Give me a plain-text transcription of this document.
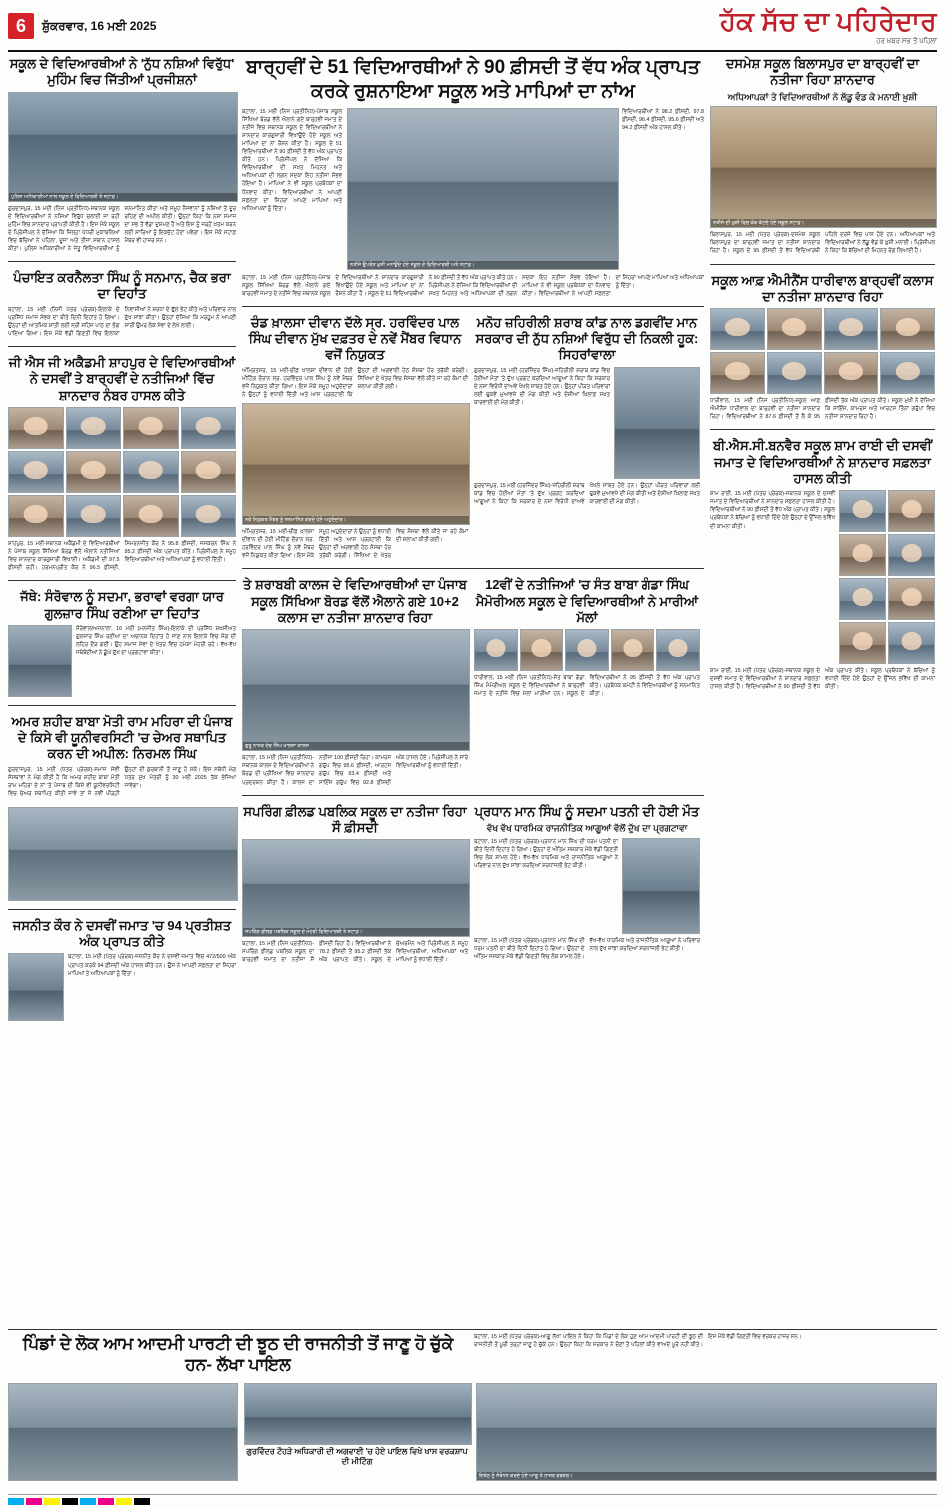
6	ਸ਼ੁੱਕਰਵਾਰ, 16 ਮਈ 2025	ਹੱਕ ਸੱਚ ਦਾ ਪਹਿਰੇਦਾਰ
ਹਰ ਖ਼ਬਰ ਸਭ ਤੋਂ ਪਹਿਲਾਂ
ਸਕੂਲ ਦੇ ਵਿਦਿਆਰਥੀਆਂ ਨੇ 'ਨੁੱਧ ਨਸ਼ਿਆਂ ਵਿਰੁੱਧ' ਮੁਹਿੰਮ ਵਿਚ ਜਿੱਤੀਆਂ ਪ੍ਰਜੀਸ਼ਨਾਂ
ਪੁਲਿਸ ਅਧਿਕਾਰੀਆਂ ਨਾਲ ਸਕੂਲ ਦੇ ਵਿਦਿਆਰਥੀ ਤੇ ਸਟਾਫ਼।
ਗੁਰਦਾਸਪੁਰ, 15 ਮਈ (ਨਿਜ ਪ੍ਰਤੀਨਿਧ)-ਸਥਾਨਕ ਸਕੂਲ ਦੇ ਵਿਦਿਆਰਥੀਆਂ ਨੇ ਨਸ਼ਿਆਂ ਵਿਰੁੱਧ ਚਲਾਈ ਜਾ ਰਹੀ ਮੁਹਿੰਮ ਵਿਚ ਸ਼ਾਨਦਾਰ ਪ੍ਰਾਪਤੀ ਕੀਤੀ ਹੈ। ਇਸ ਮੌਕੇ ਸਕੂਲ ਦੇ ਪ੍ਰਿੰਸੀਪਲ ਨੇ ਦੱਸਿਆ ਕਿ ਜ਼ਿਲ੍ਹਾ ਪੱਧਰੀ ਮੁਕਾਬਲਿਆਂ ਵਿਚ ਬੱਚਿਆਂ ਨੇ ਪਹਿਲਾ, ਦੂਜਾ ਅਤੇ ਤੀਜਾ ਸਥਾਨ ਹਾਸਲ ਕੀਤਾ। ਪੁਲਿਸ ਅਧਿਕਾਰੀਆਂ ਨੇ ਜੇਤੂ ਵਿਦਿਆਰਥੀਆਂ ਨੂੰ ਸਨਮਾਨਿਤ ਕੀਤਾ ਅਤੇ ਸਮੂਹ ਨੌਜਵਾਨਾਂ ਨੂੰ ਨਸ਼ਿਆਂ ਤੋਂ ਦੂਰ ਰਹਿਣ ਦੀ ਅਪੀਲ ਕੀਤੀ। ਉਨ੍ਹਾਂ ਕਿਹਾ ਕਿ ਨਸ਼ਾ ਸਮਾਜ ਦਾ ਸਭ ਤੋਂ ਵੱਡਾ ਦੁਸ਼ਮਣ ਹੈ ਅਤੇ ਇਸ ਨੂੰ ਜੜ੍ਹੋਂ ਖ਼ਤਮ ਕਰਨ ਲਈ ਸਾਰਿਆਂ ਨੂੰ ਇਕਜੁੱਟ ਹੋਣਾ ਪਵੇਗਾ। ਇਸ ਮੌਕੇ ਸਟਾਫ਼ ਮੈਂਬਰ ਵੀ ਹਾਜ਼ਰ ਸਨ।
ਪੰਚਾਇਤ ਕਰਨੈਲਤਾ ਸਿੰਘ ਨੂੰ ਸਨਮਾਨ, ਚੈਕ ਭਰਾ ਦਾ ਦਿਹਾਂਤ
ਬਟਾਲਾ, 15 ਮਈ (ਨਿਜੀ ਪੱਤਰ ਪ੍ਰੇਰਕ)-ਇਲਾਕੇ ਦੇ ਪ੍ਰਸਿੱਧ ਸਮਾਜ ਸੇਵਕ ਦਾ ਬੀਤੇ ਦਿਨੀਂ ਦਿਹਾਂਤ ਹੋ ਗਿਆ। ਉਨ੍ਹਾਂ ਦੀ ਆਤਮਿਕ ਸ਼ਾਂਤੀ ਲਈ ਸ੍ਰੀ ਸਹਿਜ ਪਾਠ ਦਾ ਭੋਗ ਪਾਇਆ ਗਿਆ। ਇਸ ਮੌਕੇ ਵੱਡੀ ਗਿਣਤੀ ਵਿਚ ਇਲਾਕਾ ਨਿਵਾਸੀਆਂ ਨੇ ਸ਼ਰਧਾ ਦੇ ਫੁੱਲ ਭੇਟ ਕੀਤੇ ਅਤੇ ਪਰਿਵਾਰ ਨਾਲ ਦੁੱਖ ਸਾਂਝਾ ਕੀਤਾ। ਉਨ੍ਹਾਂ ਦੱਸਿਆ ਕਿ ਮਰਹੂਮ ਨੇ ਆਪਣੀ ਸਾਰੀ ਉਮਰ ਲੋਕ ਸੇਵਾ ਦੇ ਲੇਖੇ ਲਾਈ।
ਜੀ ਐਸ ਜੀ ਅਕੈਡਮੀ ਸ਼ਾਹਪੁਰ ਦੇ ਵਿਦਿਆਰਥੀਆਂ ਨੇ ਦਸਵੀਂ ਤੇ ਬਾਰ੍ਹਵੀਂ ਦੇ ਨਤੀਜਿਆਂ ਵਿੱਚ ਸ਼ਾਨਦਾਰ ਨੰਬਰ ਹਾਸਲ ਕੀਤੇ
ਸ਼ਾਹਪੁਰ, 15 ਮਈ-ਸਥਾਨਕ ਅਕੈਡਮੀ ਦੇ ਵਿਦਿਆਰਥੀਆਂ ਨੇ ਪੰਜਾਬ ਸਕੂਲ ਸਿੱਖਿਆ ਬੋਰਡ ਵੱਲੋਂ ਐਲਾਨੇ ਨਤੀਜਿਆਂ ਵਿਚ ਸ਼ਾਨਦਾਰ ਕਾਰਗੁਜ਼ਾਰੀ ਵਿਖਾਈ। ਅਕੈਡਮੀ ਦੀ 97.5 ਫ਼ੀਸਦੀ ਰਹੀ। ਹਰਮਨਪ੍ਰੀਤ ਕੌਰ ਨੇ 96.5 ਫ਼ੀਸਦੀ, ਸਿਮਰਨਜੀਤ ਕੌਰ ਨੇ 95.8 ਫ਼ੀਸਦੀ, ਜਸਕਰਨ ਸਿੰਘ ਨੇ 95.2 ਫ਼ੀਸਦੀ ਅੰਕ ਪ੍ਰਾਪਤ ਕੀਤੇ। ਪ੍ਰਿੰਸੀਪਲ ਨੇ ਸਮੂਹ ਵਿਦਿਆਰਥੀਆਂ ਅਤੇ ਅਧਿਆਪਕਾਂ ਨੂੰ ਵਧਾਈ ਦਿੱਤੀ।
ਜੱਥੇ: ਸੰਰੋਵਾਲ ਨੂੰ ਸਦਮਾ, ਭਰਾਵਾਂ ਵਰਗਾ ਯਾਰ ਗੁਲਜ਼ਾਰ ਸਿੰਘ ਰਣੀਆ ਦਾ ਦਿਹਾਂਤ
ਸੰਰੋਵਾਲ/ਅਜਨਾਲਾ, 16 ਮਈ (ਮਨਜੀਤ ਸਿੰਘ)-ਇਲਾਕੇ ਦੀ ਪ੍ਰਸਿੱਧ ਸ਼ਖ਼ਸੀਅਤ ਗੁਲਜ਼ਾਰ ਸਿੰਘ ਰਣੀਆ ਦਾ ਅਚਾਨਕ ਦਿਹਾਂਤ ਹੋ ਜਾਣ ਨਾਲ ਇਲਾਕੇ ਵਿਚ ਸੋਗ ਦੀ ਲਹਿਰ ਦੌੜ ਗਈ। ਉਹ ਸਮਾਜ ਸੇਵਾ ਦੇ ਖੇਤਰ ਵਿਚ ਹਮੇਸ਼ਾ ਮੋਹਰੀ ਰਹੇ। ਵੱਖ-ਵੱਖ ਜਥੇਬੰਦੀਆਂ ਨੇ ਡੂੰਘੇ ਦੁੱਖ ਦਾ ਪ੍ਰਗਟਾਵਾ ਕੀਤਾ।
ਅਮਰ ਸ਼ਹੀਦ ਬਾਬਾ ਮੋਤੀ ਰਾਮ ਮਹਿਰਾ ਦੀ ਪੰਜਾਬ ਦੇ ਕਿਸੇ ਵੀ ਯੂਨੀਵਰਸਿਟੀ 'ਚ ਚੇਅਰ ਸਥਾਪਿਤ ਕਰਨ ਦੀ ਅਪੀਲ: ਨਿਰਮਲ ਸਿੰਘ
ਗੁਰਦਾਸਪੁਰ, 15 ਮਈ (ਪੱਤਰ ਪ੍ਰੇਰਕ)-ਸਮਾਜ ਸੇਵੀ ਸੰਸਥਾਵਾਂ ਨੇ ਮੰਗ ਕੀਤੀ ਹੈ ਕਿ ਅਮਰ ਸ਼ਹੀਦ ਬਾਬਾ ਮੋਤੀ ਰਾਮ ਮਹਿਰਾ ਦੇ ਨਾਂ 'ਤੇ ਪੰਜਾਬ ਦੀ ਕਿਸੇ ਵੀ ਯੂਨੀਵਰਸਿਟੀ ਵਿਚ ਚੇਅਰ ਸਥਾਪਿਤ ਕੀਤੀ ਜਾਵੇ ਤਾਂ ਜੋ ਨਵੀਂ ਪੀੜ੍ਹੀ ਉਨ੍ਹਾਂ ਦੀ ਕੁਰਬਾਨੀ ਤੋਂ ਜਾਣੂ ਹੋ ਸਕੇ। ਇਸ ਸਬੰਧੀ ਮੰਗ ਪੱਤਰ ਮੁੱਖ ਮੰਤਰੀ ਨੂੰ 30 ਮਈ 2025 ਤੱਕ ਭੇਜਿਆ ਜਾਵੇਗਾ।
ਜਸਨੀਤ ਕੌਰ ਨੇ ਦਸਵੀਂ ਜਮਾਤ 'ਚ 94 ਪ੍ਰਤੀਸ਼ਤ ਅੰਕ ਪ੍ਰਾਪਤ ਕੀਤੇ
ਬਟਾਲਾ, 15 ਮਈ (ਪੱਤਰ ਪ੍ਰੇਰਕ)-ਜਸਨੀਤ ਕੌਰ ਨੇ ਦਸਵੀਂ ਜਮਾਤ ਵਿਚ 472/500 ਅੰਕ ਪ੍ਰਾਪਤ ਕਰਕੇ 94 ਫ਼ੀਸਦੀ ਅੰਕ ਹਾਸਲ ਕੀਤੇ ਹਨ। ਉਸ ਨੇ ਆਪਣੀ ਸਫ਼ਲਤਾ ਦਾ ਸਿਹਰਾ ਮਾਪਿਆਂ ਤੇ ਅਧਿਆਪਕਾਂ ਨੂੰ ਦਿੱਤਾ।
ਬਾਰ੍ਹਵੀਂ ਦੇ 51 ਵਿਦਿਆਰਥੀਆਂ ਨੇ 90 ਫ਼ੀਸਦੀ ਤੋਂ ਵੱਧ ਅੰਕ ਪ੍ਰਾਪਤ ਕਰਕੇ ਰੁਸ਼ਨਾਇਆ ਸਕੂਲ ਅਤੇ ਮਾਪਿਆਂ ਦਾ ਨਾਂਅ
ਬਟਾਲਾ, 15 ਮਈ (ਨਿਜ ਪ੍ਰਤੀਨਿਧ)-ਪੰਜਾਬ ਸਕੂਲ ਸਿੱਖਿਆ ਬੋਰਡ ਵੱਲੋਂ ਐਲਾਨੇ ਗਏ ਬਾਰ੍ਹਵੀਂ ਜਮਾਤ ਦੇ ਨਤੀਜੇ ਵਿਚ ਸਥਾਨਕ ਸਕੂਲ ਦੇ ਵਿਦਿਆਰਥੀਆਂ ਨੇ ਸ਼ਾਨਦਾਰ ਕਾਰਗੁਜ਼ਾਰੀ ਵਿਖਾਉਂਦੇ ਹੋਏ ਸਕੂਲ ਅਤੇ ਮਾਪਿਆਂ ਦਾ ਨਾਂ ਰੌਸ਼ਨ ਕੀਤਾ ਹੈ। ਸਕੂਲ ਦੇ 51 ਵਿਦਿਆਰਥੀਆਂ ਨੇ 90 ਫ਼ੀਸਦੀ ਤੋਂ ਵੱਧ ਅੰਕ ਪ੍ਰਾਪਤ ਕੀਤੇ ਹਨ। ਪ੍ਰਿੰਸੀਪਲ ਨੇ ਦੱਸਿਆ ਕਿ ਵਿਦਿਆਰਥੀਆਂ ਦੀ ਸਖ਼ਤ ਮਿਹਨਤ ਅਤੇ ਅਧਿਆਪਕਾਂ ਦੀ ਲਗਨ ਸਦਕਾ ਇਹ ਨਤੀਜਾ ਸੰਭਵ ਹੋਇਆ ਹੈ। ਮਾਪਿਆਂ ਨੇ ਵੀ ਸਕੂਲ ਪ੍ਰਬੰਧਕਾਂ ਦਾ ਧੰਨਵਾਦ ਕੀਤਾ। ਵਿਦਿਆਰਥੀਆਂ ਨੇ ਆਪਣੀ ਸਫ਼ਲਤਾ ਦਾ ਸਿਹਰਾ ਆਪਣੇ ਮਾਪਿਆਂ ਅਤੇ ਅਧਿਆਪਕਾਂ ਨੂੰ ਦਿੱਤਾ।
ਨਤੀਜੇ ਉਪਰੰਤ ਖ਼ੁਸ਼ੀ ਮਨਾਉਂਦੇ ਹੋਏ ਸਕੂਲ ਦੇ ਵਿਦਿਆਰਥੀ ਅਤੇ ਸਟਾਫ਼।
ਵਿਦਿਆਰਥੀਆਂ ਨੇ 98.2 ਫ਼ੀਸਦੀ, 97.8 ਫ਼ੀਸਦੀ, 96.4 ਫ਼ੀਸਦੀ, 95.6 ਫ਼ੀਸਦੀ ਅਤੇ 94.2 ਫ਼ੀਸਦੀ ਅੰਕ ਹਾਸਲ ਕੀਤੇ।
ਬਟਾਲਾ, 15 ਮਈ (ਨਿਜ ਪ੍ਰਤੀਨਿਧ)-ਪੰਜਾਬ ਸਕੂਲ ਸਿੱਖਿਆ ਬੋਰਡ ਵੱਲੋਂ ਐਲਾਨੇ ਗਏ ਬਾਰ੍ਹਵੀਂ ਜਮਾਤ ਦੇ ਨਤੀਜੇ ਵਿਚ ਸਥਾਨਕ ਸਕੂਲ ਦੇ ਵਿਦਿਆਰਥੀਆਂ ਨੇ ਸ਼ਾਨਦਾਰ ਕਾਰਗੁਜ਼ਾਰੀ ਵਿਖਾਉਂਦੇ ਹੋਏ ਸਕੂਲ ਅਤੇ ਮਾਪਿਆਂ ਦਾ ਨਾਂ ਰੌਸ਼ਨ ਕੀਤਾ ਹੈ। ਸਕੂਲ ਦੇ 51 ਵਿਦਿਆਰਥੀਆਂ ਨੇ 90 ਫ਼ੀਸਦੀ ਤੋਂ ਵੱਧ ਅੰਕ ਪ੍ਰਾਪਤ ਕੀਤੇ ਹਨ। ਪ੍ਰਿੰਸੀਪਲ ਨੇ ਦੱਸਿਆ ਕਿ ਵਿਦਿਆਰਥੀਆਂ ਦੀ ਸਖ਼ਤ ਮਿਹਨਤ ਅਤੇ ਅਧਿਆਪਕਾਂ ਦੀ ਲਗਨ ਸਦਕਾ ਇਹ ਨਤੀਜਾ ਸੰਭਵ ਹੋਇਆ ਹੈ। ਮਾਪਿਆਂ ਨੇ ਵੀ ਸਕੂਲ ਪ੍ਰਬੰਧਕਾਂ ਦਾ ਧੰਨਵਾਦ ਕੀਤਾ। ਵਿਦਿਆਰਥੀਆਂ ਨੇ ਆਪਣੀ ਸਫ਼ਲਤਾ ਦਾ ਸਿਹਰਾ ਆਪਣੇ ਮਾਪਿਆਂ ਅਤੇ ਅਧਿਆਪਕਾਂ ਨੂੰ ਦਿੱਤਾ।
ਚੰਡ ਖ਼ਾਲਸਾ ਦੀਵਾਨ ਦੱਲੇ ਸ੍ਰ. ਹਰਵਿੰਦਰ ਪਾਲ ਸਿੰਘ ਦੀਵਾਨ ਮੁੱਖ ਦਫ਼ਤਰ ਦੇ ਨਵੇਂ ਮੈਂਬਰ ਵਿਧਾਨ ਵਜੋਂ ਨਿਯੁਕਤ
ਅੰਮ੍ਰਿਤਸਰ, 15 ਮਈ-ਚੀਫ਼ ਖ਼ਾਲਸਾ ਦੀਵਾਨ ਦੀ ਹੋਈ ਮੀਟਿੰਗ ਦੌਰਾਨ ਸ੍ਰ. ਹਰਵਿੰਦਰ ਪਾਲ ਸਿੰਘ ਨੂੰ ਨਵੇਂ ਮੈਂਬਰ ਵਜੋਂ ਨਿਯੁਕਤ ਕੀਤਾ ਗਿਆ। ਇਸ ਮੌਕੇ ਸਮੂਹ ਅਹੁਦੇਦਾਰਾਂ ਨੇ ਉਨ੍ਹਾਂ ਨੂੰ ਵਧਾਈ ਦਿੱਤੀ ਅਤੇ ਆਸ ਪ੍ਰਗਟਾਈ ਕਿ ਉਨ੍ਹਾਂ ਦੀ ਅਗਵਾਈ ਹੇਠ ਸੰਸਥਾ ਹੋਰ ਤਰੱਕੀ ਕਰੇਗੀ। ਸਿੱਖਿਆ ਦੇ ਖੇਤਰ ਵਿਚ ਸੰਸਥਾ ਵੱਲੋਂ ਕੀਤੇ ਜਾ ਰਹੇ ਕੰਮਾਂ ਦੀ ਸ਼ਲਾਘਾ ਕੀਤੀ ਗਈ।
ਨਵੇਂ ਨਿਯੁਕਤ ਮੈਂਬਰ ਨੂੰ ਸਨਮਾਨਿਤ ਕਰਦੇ ਹੋਏ ਅਹੁਦੇਦਾਰ।
ਅੰਮ੍ਰਿਤਸਰ, 15 ਮਈ-ਚੀਫ਼ ਖ਼ਾਲਸਾ ਦੀਵਾਨ ਦੀ ਹੋਈ ਮੀਟਿੰਗ ਦੌਰਾਨ ਸ੍ਰ. ਹਰਵਿੰਦਰ ਪਾਲ ਸਿੰਘ ਨੂੰ ਨਵੇਂ ਮੈਂਬਰ ਵਜੋਂ ਨਿਯੁਕਤ ਕੀਤਾ ਗਿਆ। ਇਸ ਮੌਕੇ ਸਮੂਹ ਅਹੁਦੇਦਾਰਾਂ ਨੇ ਉਨ੍ਹਾਂ ਨੂੰ ਵਧਾਈ ਦਿੱਤੀ ਅਤੇ ਆਸ ਪ੍ਰਗਟਾਈ ਕਿ ਉਨ੍ਹਾਂ ਦੀ ਅਗਵਾਈ ਹੇਠ ਸੰਸਥਾ ਹੋਰ ਤਰੱਕੀ ਕਰੇਗੀ। ਸਿੱਖਿਆ ਦੇ ਖੇਤਰ ਵਿਚ ਸੰਸਥਾ ਵੱਲੋਂ ਕੀਤੇ ਜਾ ਰਹੇ ਕੰਮਾਂ ਦੀ ਸ਼ਲਾਘਾ ਕੀਤੀ ਗਈ।
ਮਨੋਹ ਜ਼ਹਿਰੀਲੀ ਸ਼ਰਾਬ ਕਾਂਡ ਨਾਲ ਡਗਵੀਂਦ ਮਾਨ ਸਰਕਾਰ ਦੀ ਨੁੱਧ ਨਸ਼ਿਆਂ ਵਿਰੁੱਧ ਦੀ ਨਿਕਲੀ ਹੂਕ: ਸਿਹਰਾਂਵਾਲਾ
ਗੁਰਦਾਸਪੁਰ, 15 ਮਈ (ਹਰਜਿੰਦਰ ਸਿੰਘ)-ਜ਼ਹਿਰੀਲੀ ਸ਼ਰਾਬ ਕਾਂਡ ਵਿਚ ਹੋਈਆਂ ਮੌਤਾਂ 'ਤੇ ਦੁੱਖ ਪ੍ਰਗਟ ਕਰਦਿਆਂ ਆਗੂਆਂ ਨੇ ਕਿਹਾ ਕਿ ਸਰਕਾਰ ਦੇ ਨਸ਼ਾ ਵਿਰੋਧੀ ਦਾਅਵੇ ਖੋਖਲੇ ਸਾਬਤ ਹੋਏ ਹਨ। ਉਨ੍ਹਾਂ ਪੀੜਤ ਪਰਿਵਾਰਾਂ ਲਈ ਢੁਕਵੇਂ ਮੁਆਵਜ਼ੇ ਦੀ ਮੰਗ ਕੀਤੀ ਅਤੇ ਦੋਸ਼ੀਆਂ ਖ਼ਿਲਾਫ਼ ਸਖ਼ਤ ਕਾਰਵਾਈ ਦੀ ਮੰਗ ਕੀਤੀ।
ਗੁਰਦਾਸਪੁਰ, 15 ਮਈ (ਹਰਜਿੰਦਰ ਸਿੰਘ)-ਜ਼ਹਿਰੀਲੀ ਸ਼ਰਾਬ ਕਾਂਡ ਵਿਚ ਹੋਈਆਂ ਮੌਤਾਂ 'ਤੇ ਦੁੱਖ ਪ੍ਰਗਟ ਕਰਦਿਆਂ ਆਗੂਆਂ ਨੇ ਕਿਹਾ ਕਿ ਸਰਕਾਰ ਦੇ ਨਸ਼ਾ ਵਿਰੋਧੀ ਦਾਅਵੇ ਖੋਖਲੇ ਸਾਬਤ ਹੋਏ ਹਨ। ਉਨ੍ਹਾਂ ਪੀੜਤ ਪਰਿਵਾਰਾਂ ਲਈ ਢੁਕਵੇਂ ਮੁਆਵਜ਼ੇ ਦੀ ਮੰਗ ਕੀਤੀ ਅਤੇ ਦੋਸ਼ੀਆਂ ਖ਼ਿਲਾਫ਼ ਸਖ਼ਤ ਕਾਰਵਾਈ ਦੀ ਮੰਗ ਕੀਤੀ।
ਤੇ ਸ਼ਰਾਬਬੀ ਕਾਲਜ ਦੇ ਵਿਦਿਆਰਥੀਆਂ ਦਾ ਪੰਜਾਬ ਸਕੂਲ ਸਿੱਖਿਆ ਬੋਰਡ ਵੱਲੋਂ ਐਲਾਨੇ ਗਏ 10+2 ਕਲਾਸ ਦਾ ਨਤੀਜਾ ਸ਼ਾਨਦਾਰ ਰਿਹਾ
ਗੁਰੂ ਨਾਨਕ ਦੇਵ ਸਿੰਘ ਖ਼ਾਲਸਾ ਕਾਲਜ
ਬਟਾਲਾ, 15 ਮਈ (ਨਿਜ ਪ੍ਰਤੀਨਿਧ)-ਸਥਾਨਕ ਕਾਲਜ ਦੇ ਵਿਦਿਆਰਥੀਆਂ ਨੇ ਬੋਰਡ ਦੀ ਪ੍ਰੀਖਿਆ ਵਿਚ ਸ਼ਾਨਦਾਰ ਪ੍ਰਦਰਸ਼ਨ ਕੀਤਾ ਹੈ। ਕਾਲਜ ਦਾ ਨਤੀਜਾ 100 ਫ਼ੀਸਦੀ ਰਿਹਾ। ਕਾਮਰਸ ਗਰੁੱਪ ਵਿਚ 95.6 ਫ਼ੀਸਦੀ, ਆਰਟਸ ਗਰੁੱਪ ਵਿਚ 93.4 ਫ਼ੀਸਦੀ ਅਤੇ ਸਾਇੰਸ ਗਰੁੱਪ ਵਿਚ 92.8 ਫ਼ੀਸਦੀ ਅੰਕ ਹਾਸਲ ਹੋਏ। ਪ੍ਰਿੰਸੀਪਲ ਨੇ ਸਾਰੇ ਵਿਦਿਆਰਥੀਆਂ ਨੂੰ ਵਧਾਈ ਦਿੱਤੀ।
12ਵੀਂ ਦੇ ਨਤੀਜਿਆਂ 'ਚ ਸੰਤ ਬਾਬਾ ਗੰਡਾ ਸਿੰਘ ਮੈਮੋਰੀਅਲ ਸਕੂਲ ਦੇ ਵਿਦਿਆਰਥੀਆਂ ਨੇ ਮਾਰੀਆਂ ਮੱਲਾਂ
ਧਾਰੀਵਾਲ, 15 ਮਈ (ਨਿਜ ਪ੍ਰਤੀਨਿਧ)-ਸੰਤ ਬਾਬਾ ਗੰਡਾ ਸਿੰਘ ਮੈਮੋਰੀਅਲ ਸਕੂਲ ਦੇ ਵਿਦਿਆਰਥੀਆਂ ਨੇ ਬਾਰ੍ਹਵੀਂ ਜਮਾਤ ਦੇ ਨਤੀਜੇ ਵਿਚ ਮੱਲਾਂ ਮਾਰੀਆਂ ਹਨ। ਸਕੂਲ ਦੇ ਵਿਦਿਆਰਥੀਆਂ ਨੇ 95 ਫ਼ੀਸਦੀ ਤੋਂ ਵੱਧ ਅੰਕ ਪ੍ਰਾਪਤ ਕੀਤੇ। ਪ੍ਰਬੰਧਕ ਕਮੇਟੀ ਨੇ ਵਿਦਿਆਰਥੀਆਂ ਨੂੰ ਸਨਮਾਨਿਤ ਕੀਤਾ।
ਸਪਰਿੰਗ ਫ਼ੀਲਡ ਪਬਲਿਕ ਸਕੂਲ ਦਾ ਨਤੀਜਾ ਰਿਹਾ ਸੌ ਫ਼ੀਸਦੀ
ਸਪਰਿੰਗ ਫ਼ੀਲਡ ਪਬਲਿਕ ਸਕੂਲ ਦੇ ਮੋਹਰੀ ਵਿਦਿਆਰਥੀ ਤੇ ਸਟਾਫ਼।
ਬਟਾਲਾ, 15 ਮਈ (ਨਿਜ ਪ੍ਰਤੀਨਿਧ)-ਸਪਰਿੰਗ ਫ਼ੀਲਡ ਪਬਲਿਕ ਸਕੂਲ ਦਾ ਬਾਰ੍ਹਵੀਂ ਜਮਾਤ ਦਾ ਨਤੀਜਾ ਸੌ ਫ਼ੀਸਦੀ ਰਿਹਾ ਹੈ। ਵਿਦਿਆਰਥੀਆਂ ਨੇ 78.2 ਫ਼ੀਸਦੀ ਤੋਂ 95.2 ਫ਼ੀਸਦੀ ਤੱਕ ਅੰਕ ਪ੍ਰਾਪਤ ਕੀਤੇ। ਸਕੂਲ ਦੇ ਚੇਅਰਮੈਨ ਅਤੇ ਪ੍ਰਿੰਸੀਪਲ ਨੇ ਸਮੂਹ ਵਿਦਿਆਰਥੀਆਂ, ਅਧਿਆਪਕਾਂ ਅਤੇ ਮਾਪਿਆਂ ਨੂੰ ਵਧਾਈ ਦਿੱਤੀ।
ਪ੍ਰਧਾਨ ਮਾਨ ਸਿੰਘ ਨੂੰ ਸਦਮਾ ਪਤਨੀ ਦੀ ਹੋਈ ਮੌਤ
ਵੱਖ ਵੱਖ ਧਾਰਮਿਕ ਰਾਜਨੀਤਿਕ ਆਗੂਆਂ ਵੱਲੋਂ ਦੁੱਖ ਦਾ ਪ੍ਰਗਟਾਵਾ
ਬਟਾਲਾ, 15 ਮਈ (ਪੱਤਰ ਪ੍ਰੇਰਕ)-ਪ੍ਰਧਾਨ ਮਾਨ ਸਿੰਘ ਦੀ ਧਰਮ ਪਤਨੀ ਦਾ ਬੀਤੇ ਦਿਨੀਂ ਦਿਹਾਂਤ ਹੋ ਗਿਆ। ਉਨ੍ਹਾਂ ਦੇ ਅੰਤਿਮ ਸਸਕਾਰ ਮੌਕੇ ਵੱਡੀ ਗਿਣਤੀ ਵਿਚ ਲੋਕ ਸ਼ਾਮਲ ਹੋਏ। ਵੱਖ-ਵੱਖ ਧਾਰਮਿਕ ਅਤੇ ਰਾਜਨੀਤਿਕ ਆਗੂਆਂ ਨੇ ਪਰਿਵਾਰ ਨਾਲ ਦੁੱਖ ਸਾਂਝਾ ਕਰਦਿਆਂ ਸ਼ਰਧਾਂਜਲੀ ਭੇਟ ਕੀਤੀ।
ਬਟਾਲਾ, 15 ਮਈ (ਪੱਤਰ ਪ੍ਰੇਰਕ)-ਪ੍ਰਧਾਨ ਮਾਨ ਸਿੰਘ ਦੀ ਧਰਮ ਪਤਨੀ ਦਾ ਬੀਤੇ ਦਿਨੀਂ ਦਿਹਾਂਤ ਹੋ ਗਿਆ। ਉਨ੍ਹਾਂ ਦੇ ਅੰਤਿਮ ਸਸਕਾਰ ਮੌਕੇ ਵੱਡੀ ਗਿਣਤੀ ਵਿਚ ਲੋਕ ਸ਼ਾਮਲ ਹੋਏ। ਵੱਖ-ਵੱਖ ਧਾਰਮਿਕ ਅਤੇ ਰਾਜਨੀਤਿਕ ਆਗੂਆਂ ਨੇ ਪਰਿਵਾਰ ਨਾਲ ਦੁੱਖ ਸਾਂਝਾ ਕਰਦਿਆਂ ਸ਼ਰਧਾਂਜਲੀ ਭੇਟ ਕੀਤੀ।
ਦਸਮੇਸ਼ ਸਕੂਲ ਬਿਲਾਸਪੁਰ ਦਾ ਬਾਰ੍ਹਵੀਂ ਦਾ ਨਤੀਜਾ ਰਿਹਾ ਸ਼ਾਨਦਾਰ
ਅਧਿਆਪਕਾਂ ਤੇ ਵਿਦਿਆਰਥੀਆਂ ਨੇ ਲੱਡੂ ਵੰਡ ਕੇ ਮਨਾਈ ਖ਼ੁਸ਼ੀ
ਨਤੀਜੇ ਦੀ ਖ਼ੁਸ਼ੀ ਵਿਚ ਕੇਕ ਕੱਟਦੇ ਹੋਏ ਸਕੂਲ ਸਟਾਫ਼।
ਬਿਲਾਸਪੁਰ, 15 ਮਈ (ਪੱਤਰ ਪ੍ਰੇਰਕ)-ਦਸਮੇਸ਼ ਸਕੂਲ ਬਿਲਾਸਪੁਰ ਦਾ ਬਾਰ੍ਹਵੀਂ ਜਮਾਤ ਦਾ ਨਤੀਜਾ ਸ਼ਾਨਦਾਰ ਰਿਹਾ ਹੈ। ਸਕੂਲ ਦੇ 95 ਫ਼ੀਸਦੀ ਤੋਂ ਵੱਧ ਵਿਦਿਆਰਥੀ ਪਹਿਲੇ ਦਰਜੇ ਵਿਚ ਪਾਸ ਹੋਏ ਹਨ। ਅਧਿਆਪਕਾਂ ਅਤੇ ਵਿਦਿਆਰਥੀਆਂ ਨੇ ਲੱਡੂ ਵੰਡ ਕੇ ਖ਼ੁਸ਼ੀ ਮਨਾਈ। ਪ੍ਰਿੰਸੀਪਲ ਨੇ ਕਿਹਾ ਕਿ ਬੱਚਿਆਂ ਦੀ ਮਿਹਨਤ ਰੰਗ ਲਿਆਈ ਹੈ।
ਸਕੂਲ ਆਫ਼ ਐਮੀਨੈਂਸ ਧਾਰੀਵਾਲ ਬਾਰ੍ਹਵੀਂ ਕਲਾਸ ਦਾ ਨਤੀਜਾ ਸ਼ਾਨਦਾਰ ਰਿਹਾ
ਧਾਰੀਵਾਲ, 15 ਮਈ (ਨਿਜ ਪ੍ਰਤੀਨਿਧ)-ਸਕੂਲ ਆਫ਼ ਐਮੀਨੈਂਸ ਧਾਰੀਵਾਲ ਦਾ ਬਾਰ੍ਹਵੀਂ ਦਾ ਨਤੀਜਾ ਸ਼ਾਨਦਾਰ ਰਿਹਾ। ਵਿਦਿਆਰਥੀਆਂ ਨੇ 87.6 ਫ਼ੀਸਦੀ ਤੋਂ ਲੈ ਕੇ 95 ਫ਼ੀਸਦੀ ਤੱਕ ਅੰਕ ਪ੍ਰਾਪਤ ਕੀਤੇ। ਸਕੂਲ ਮੁਖੀ ਨੇ ਦੱਸਿਆ ਕਿ ਸਾਇੰਸ, ਕਾਮਰਸ ਅਤੇ ਆਰਟਸ ਤਿੰਨਾਂ ਗਰੁੱਪਾਂ ਵਿਚ ਨਤੀਜਾ ਸ਼ਾਨਦਾਰ ਰਿਹਾ ਹੈ।
ਬੀ.ਐਸ.ਸੀ.ਬਨਵੈਰ ਸਕੂਲ ਸ਼ਾਮ ਰਾਈ ਦੀ ਦਸਵੀਂ ਜਮਾਤ ਦੇ ਵਿਦਿਆਰਥੀਆਂ ਨੇ ਸ਼ਾਨਦਾਰ ਸਫ਼ਲਤਾ ਹਾਸਲ ਕੀਤੀ
ਸ਼ਾਮ ਰਾਈ, 15 ਮਈ (ਪੱਤਰ ਪ੍ਰੇਰਕ)-ਸਥਾਨਕ ਸਕੂਲ ਦੇ ਦਸਵੀਂ ਜਮਾਤ ਦੇ ਵਿਦਿਆਰਥੀਆਂ ਨੇ ਸ਼ਾਨਦਾਰ ਸਫ਼ਲਤਾ ਹਾਸਲ ਕੀਤੀ ਹੈ। ਵਿਦਿਆਰਥੀਆਂ ਨੇ 90 ਫ਼ੀਸਦੀ ਤੋਂ ਵੱਧ ਅੰਕ ਪ੍ਰਾਪਤ ਕੀਤੇ। ਸਕੂਲ ਪ੍ਰਬੰਧਕਾਂ ਨੇ ਬੱਚਿਆਂ ਨੂੰ ਵਧਾਈ ਦਿੰਦੇ ਹੋਏ ਉਨ੍ਹਾਂ ਦੇ ਉੱਜਲ ਭਵਿੱਖ ਦੀ ਕਾਮਨਾ ਕੀਤੀ।
ਸ਼ਾਮ ਰਾਈ, 15 ਮਈ (ਪੱਤਰ ਪ੍ਰੇਰਕ)-ਸਥਾਨਕ ਸਕੂਲ ਦੇ ਦਸਵੀਂ ਜਮਾਤ ਦੇ ਵਿਦਿਆਰਥੀਆਂ ਨੇ ਸ਼ਾਨਦਾਰ ਸਫ਼ਲਤਾ ਹਾਸਲ ਕੀਤੀ ਹੈ। ਵਿਦਿਆਰਥੀਆਂ ਨੇ 90 ਫ਼ੀਸਦੀ ਤੋਂ ਵੱਧ ਅੰਕ ਪ੍ਰਾਪਤ ਕੀਤੇ। ਸਕੂਲ ਪ੍ਰਬੰਧਕਾਂ ਨੇ ਬੱਚਿਆਂ ਨੂੰ ਵਧਾਈ ਦਿੰਦੇ ਹੋਏ ਉਨ੍ਹਾਂ ਦੇ ਉੱਜਲ ਭਵਿੱਖ ਦੀ ਕਾਮਨਾ ਕੀਤੀ।
ਪਿੰਡਾਂ ਦੇ ਲੋਕ ਆਮ ਆਦਮੀ ਪਾਰਟੀ ਦੀ ਝੂਠ ਦੀ ਰਾਜਨੀਤੀ ਤੋਂ ਜਾਣੂ ਹੋ ਚੁੱਕੇ ਹਨ- ਲੱਖਾ ਪਾਇਲ
ਬਟਾਲਾ, 15 ਮਈ (ਪੱਤਰ ਪ੍ਰੇਰਕ)-ਆਗੂ ਲੱਖਾ ਪਾਇਲ ਨੇ ਕਿਹਾ ਕਿ ਪਿੰਡਾਂ ਦੇ ਲੋਕ ਹੁਣ ਆਮ ਆਦਮੀ ਪਾਰਟੀ ਦੀ ਝੂਠ ਦੀ ਰਾਜਨੀਤੀ ਤੋਂ ਪੂਰੀ ਤਰ੍ਹਾਂ ਜਾਣੂ ਹੋ ਚੁੱਕੇ ਹਨ। ਉਨ੍ਹਾਂ ਕਿਹਾ ਕਿ ਸਰਕਾਰ ਨੇ ਚੋਣਾਂ ਤੋਂ ਪਹਿਲਾਂ ਕੀਤੇ ਵਾਅਦੇ ਪੂਰੇ ਨਹੀਂ ਕੀਤੇ। ਇਸ ਮੌਕੇ ਵੱਡੀ ਗਿਣਤੀ ਵਿਚ ਵਰਕਰ ਹਾਜ਼ਰ ਸਨ।
ਗੁਰਵਿੰਦਰ ਟੌਹੜੇ ਅਧਿਕਾਰੀ ਦੀ ਅਗਵਾਈ 'ਚ ਹੋਏ ਪਾਇਲ ਵਿਖੇ ਖਾਸ ਵਰਕਸ਼ਾਪ ਦੀ ਮੀਟਿੰਗ
ਇਕੱਠ ਨੂੰ ਸੰਬੋਧਨ ਕਰਦੇ ਹੋਏ ਆਗੂ ਤੇ ਹਾਜ਼ਰ ਵਰਕਰ।
